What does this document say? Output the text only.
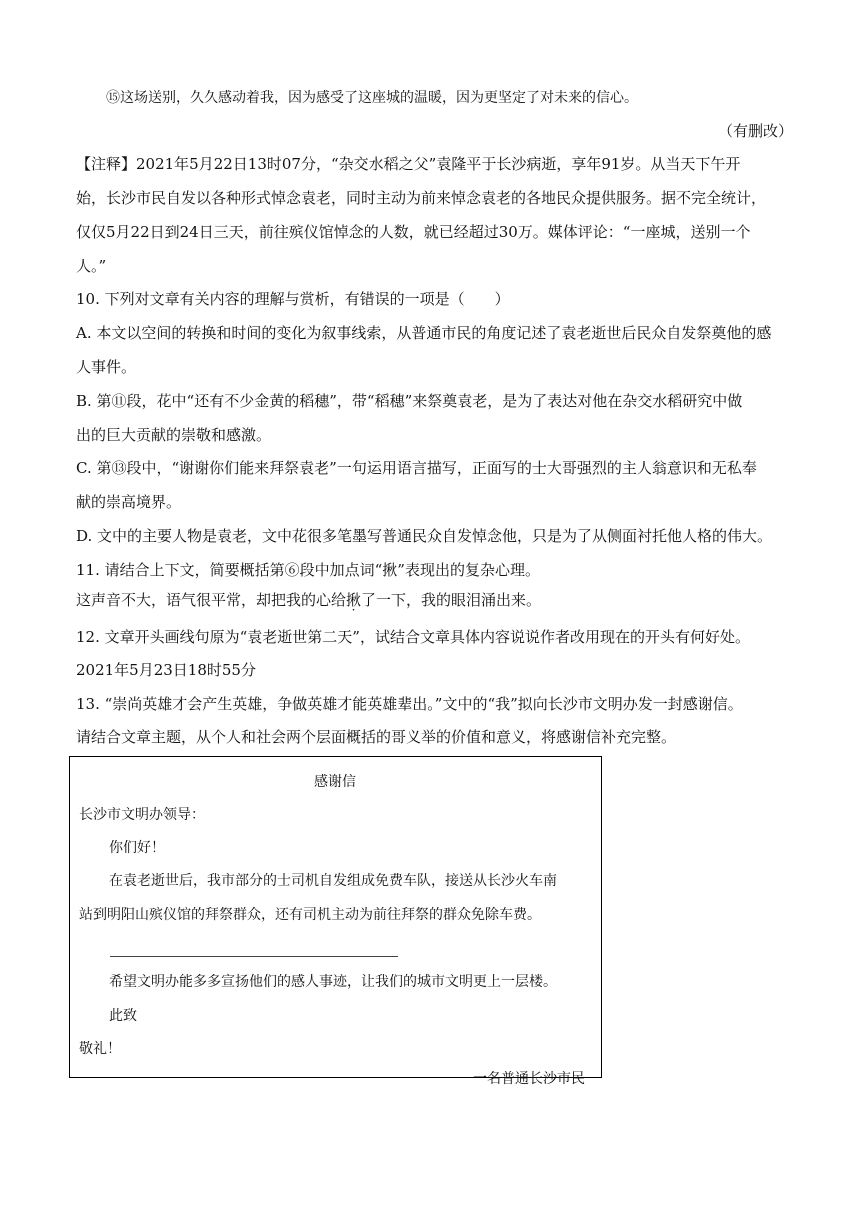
⑮这场送别，久久感动着我，因为感受了这座城的温暖，因为更坚定了对未来的信心。
（有删改）
【注释】2021年5月22日13时07分，“杂交水稻之父”袁隆平于长沙病逝，享年91岁。从当天下午开
始，长沙市民自发以各种形式悼念袁老，同时主动为前来悼念袁老的各地民众提供服务。据不完全统计，
仅仅5月22日到24日三天，前往殡仪馆悼念的人数，就已经超过30万。媒体评论：“一座城，送别一个
人。”
10. 下列对文章有关内容的理解与赏析，有错误的一项是（　　）
A. 本文以空间的转换和时间的变化为叙事线索，从普通市民的角度记述了袁老逝世后民众自发祭奠他的感
人事件。
B. 第⑪段，花中“还有不少金黄的稻穗”，带“稻穗”来祭奠袁老，是为了表达对他在杂交水稻研究中做
出的巨大贡献的崇敬和感激。
C. 第⑬段中，“谢谢你们能来拜祭袁老”一句运用语言描写，正面写的士大哥强烈的主人翁意识和无私奉
献的崇高境界。
D. 文中的主要人物是袁老，文中花很多笔墨写普通民众自发悼念他，只是为了从侧面衬托他人格的伟大。
11. 请结合上下文，简要概括第⑥段中加点词“揪”表现出的复杂心理。
这声音不大，语气很平常，却把我的心给揪了一下，我的眼泪涌出来。
12. 文章开头画线句原为“袁老逝世第二天”，试结合文章具体内容说说作者改用现在的开头有何好处。
2021年5月23日18时55分
13. “崇尚英雄才会产生英雄，争做英雄才能英雄辈出。”文中的“我”拟向长沙市文明办发一封感谢信。
请结合文章主题，从个人和社会两个层面概括的哥义举的价值和意义，将感谢信补充完整。
感谢信
长沙市文明办领导：
你们好！
在袁老逝世后，我市部分的士司机自发组成免费车队，接送从长沙火车南
站到明阳山殡仪馆的拜祭群众，还有司机主动为前往拜祭的群众免除车费。
希望文明办能多多宣扬他们的感人事迹，让我们的城市文明更上一层楼。
此致
敬礼！
一名普通长沙市民
